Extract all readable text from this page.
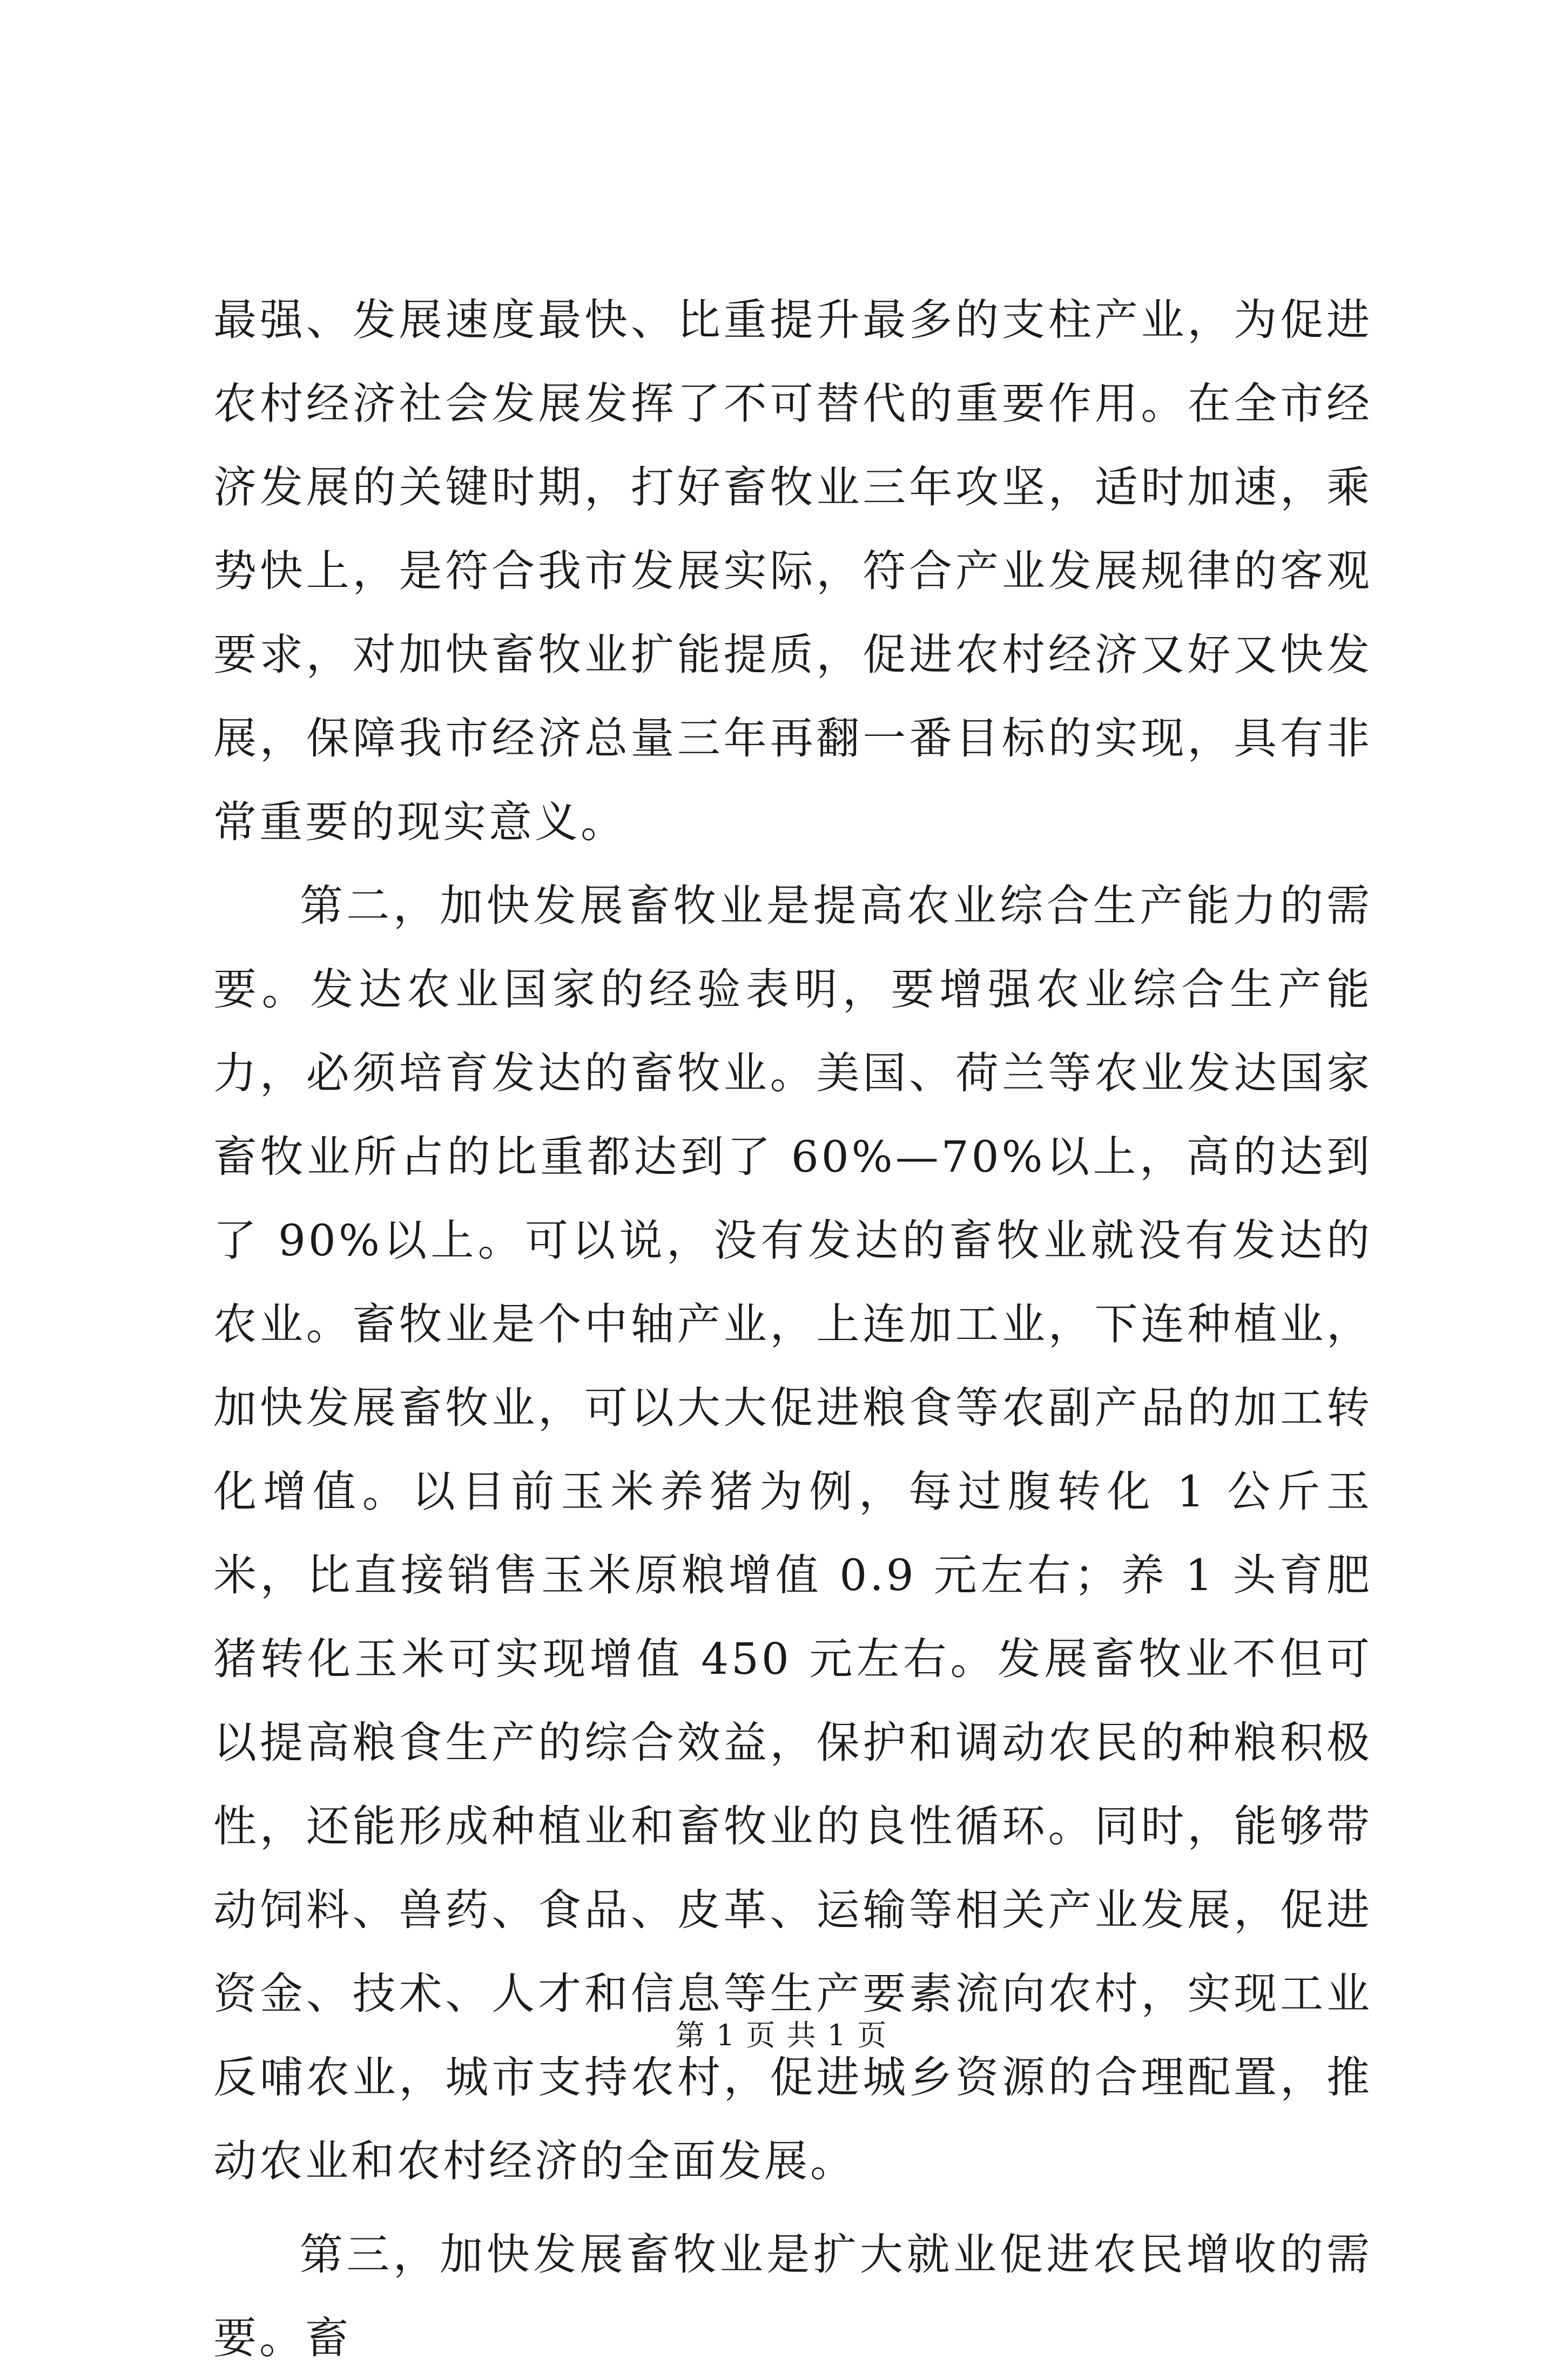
最强、发展速度最快、比重提升最多的支柱产业，为促进农村经济社会发展发挥了不可替代的重要作用。在全市经济发展的关键时期，打好畜牧业三年攻坚，适时加速，乘势快上，是符合我市发展实际，符合产业发展规律的客观要求，对加快畜牧业扩能提质，促进农村经济又好又快发展，保障我市经济总量三年再翻一番目标的实现，具有非常重要的现实意义。

第二，加快发展畜牧业是提高农业综合生产能力的需要。发达农业国家的经验表明，要增强农业综合生产能力，必须培育发达的畜牧业。美国、荷兰等农业发达国家畜牧业所占的比重都达到了 60%—70%以上，高的达到了 90%以上。可以说，没有发达的畜牧业就没有发达的农业。畜牧业是个中轴产业，上连加工业，下连种植业，加快发展畜牧业，可以大大促进粮食等农副产品的加工转化增值。以目前玉米养猪为例，每过腹转化 1 公斤玉米，比直接销售玉米原粮增值 0.9 元左右；养 1 头育肥猪转化玉米可实现增值 450 元左右。发展畜牧业不但可以提高粮食生产的综合效益，保护和调动农民的种粮积极性，还能形成种植业和畜牧业的良性循环。同时，能够带动饲料、兽药、食品、皮革、运输等相关产业发展，促进资金、技术、人才和信息等生产要素流向农村，实现工业反哺农业，城市支持农村，促进城乡资源的合理配置，推动农业和农村经济的全面发展。

第三，加快发展畜牧业是扩大就业促进农民增收的需要。畜

第 1 页 共 1 页
